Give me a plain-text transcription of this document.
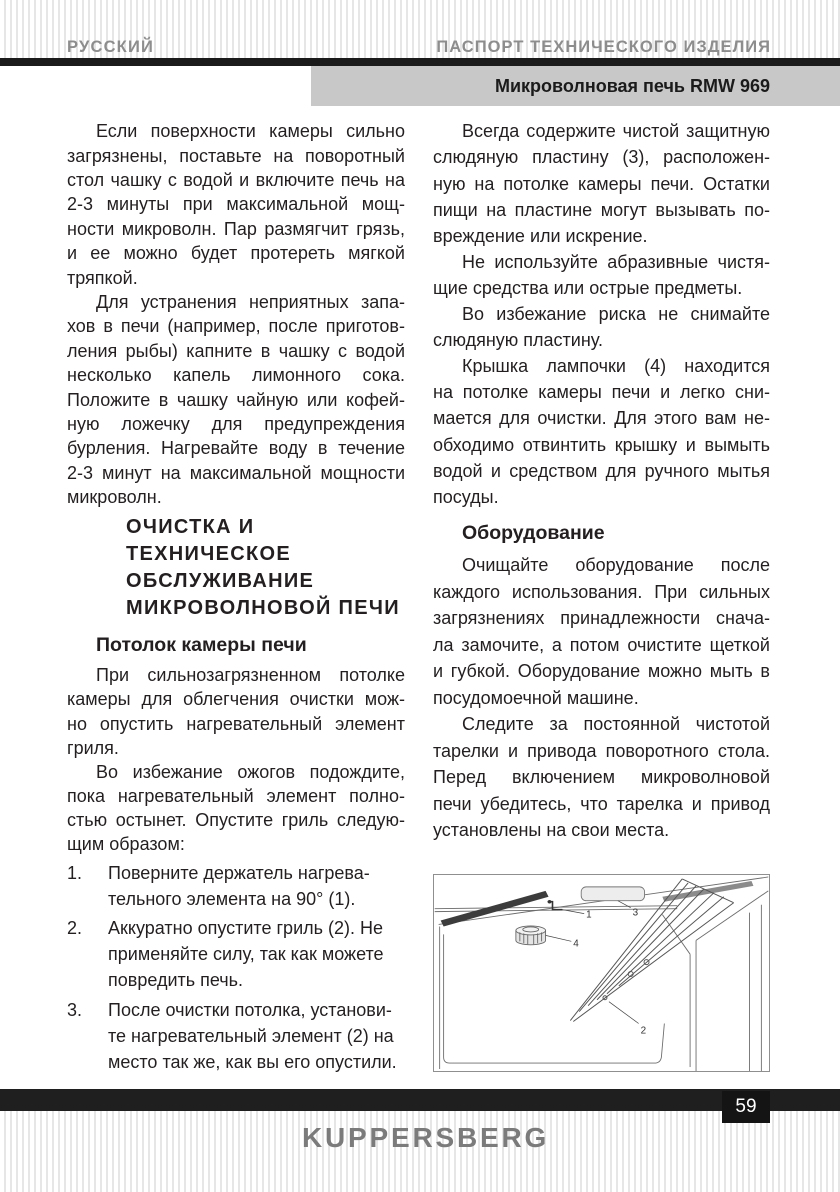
РУССКИЙ	ПАСПОРТ ТЕХНИЧЕСКОГО ИЗДЕЛИЯ
Микроволновая печь RMW 969
Если поверхности камеры сильно
загрязнены, поставьте на поворотный
стол чашку с водой и включите печь на
2-3 минуты при максимальной мощ-
ности микроволн. Пар размягчит грязь,
и ее можно будет протереть мягкой
тряпкой.
Для устранения неприятных запа-
хов в печи (например, после приготов-
ления рыбы) капните в чашку с водой
несколько капель лимонного сока.
Положите в чашку чайную или кофей-
ную ложечку для предупреждения
бурления. Нагревайте воду в течение
2-3 минут на максимальной мощности
микроволн.
ОЧИСТКА И
ТЕХНИЧЕСКОЕ
ОБСЛУЖИВАНИЕ
МИКРОВОЛНОВОЙ ПЕЧИ
Потолок камеры печи
При сильнозагрязненном потолке
камеры для облегчения очистки мож-
но опустить нагревательный элемент
гриля.
Во избежание ожогов подождите,
пока нагревательный элемент полно-
стью остынет. Опустите гриль следую-
щим образом:
1. Поверните держатель нагрева-
тельного элемента на 90° (1).
2. Аккуратно опустите гриль (2). Не
применяйте силу, так как можете
повредить печь.
3. После очистки потолка, установи-
те нагревательный элемент (2) на
место так же, как вы его опустили.
Всегда содержите чистой защитную
слюдяную пластину (3), расположен-
ную на потолке камеры печи. Остатки
пищи на пластине могут вызывать по-
вреждение или искрение.
Не используйте абразивные чистя-
щие средства или острые предметы.
Во избежание риска не снимайте
слюдяную пластину.
Крышка лампочки (4) находится
на потолке камеры печи и легко сни-
мается для очистки. Для этого вам не-
обходимо отвинтить крышку и вымыть
водой и средством для ручного мытья
посуды.
Оборудование
Очищайте оборудование после
каждого использования. При сильных
загрязнениях принадлежности снача-
ла замочите, а потом очистите щеткой
и губкой. Оборудование можно мыть в
посудомоечной машине.
Следите за постоянной чистотой
тарелки и привода поворотного стола.
Перед включением микроволновой
печи убедитесь, что тарелка и привод
установлены на свои места.
1	3
4
2
59
KUPPERSBERG
